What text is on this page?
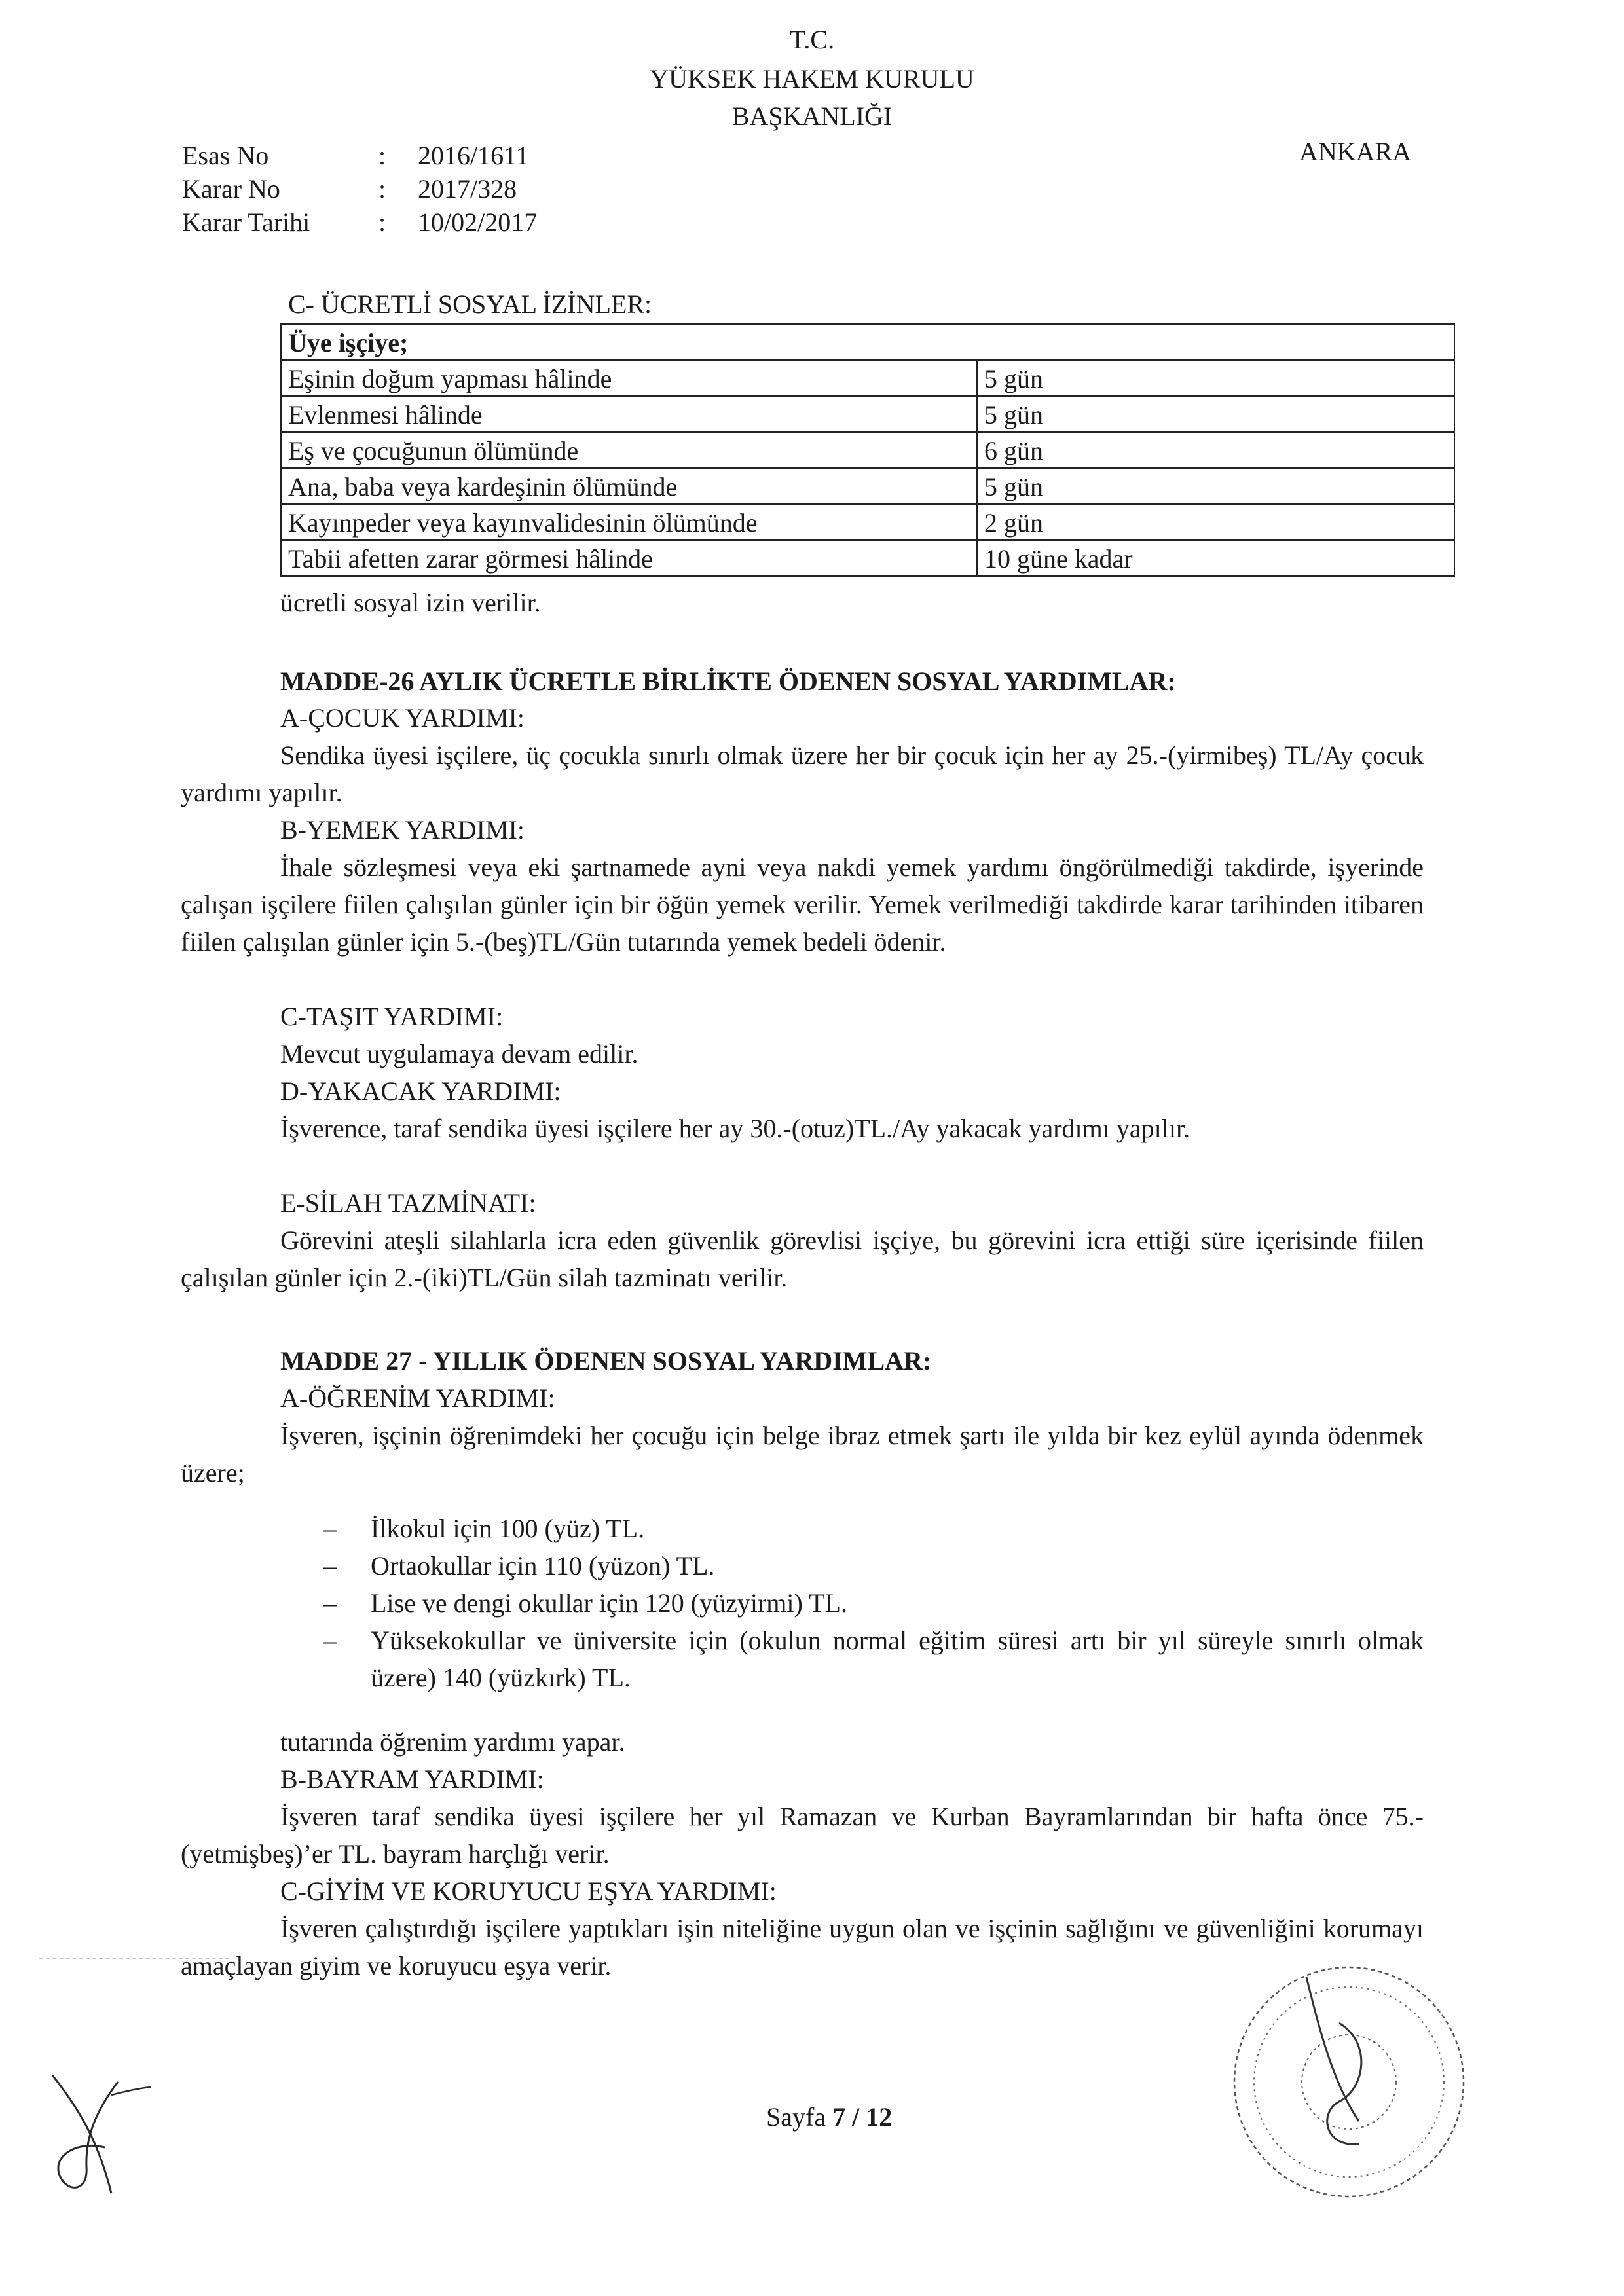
T.C.
YÜKSEK HAKEM KURULU
BAŞKANLIĞI
ANKARA
Esas No	: 2016/1611
Karar No	: 2017/328
Karar Tarihi	: 10/02/2017
C- ÜCRETLİ SOSYAL İZİNLER:
Üye işçiye;	
Eşinin doğum yapması hâlinde	5 gün
Evlenmesi hâlinde	5 gün
Eş ve çocuğunun ölümünde	6 gün
Ana, baba veya kardeşinin ölümünde	5 gün
Kayınpeder veya kayınvalidesinin ölümünde	2 gün
Tabii afetten zarar görmesi hâlinde	10 güne kadar
ücretli sosyal izin verilir.
MADDE-26 AYLIK ÜCRETLE BİRLİKTE ÖDENEN SOSYAL YARDIMLAR:
A-ÇOCUK YARDIMI:
Sendika üyesi işçilere, üç çocukla sınırlı olmak üzere her bir çocuk için her ay 25.-(yirmibeş) TL/Ay çocuk yardımı yapılır.
B-YEMEK YARDIMI:
İhale sözleşmesi veya eki şartnamede ayni veya nakdi yemek yardımı öngörülmediği takdirde, işyerinde çalışan işçilere fiilen çalışılan günler için bir öğün yemek verilir. Yemek verilmediği takdirde karar tarihinden itibaren fiilen çalışılan günler için 5.-(beş)TL/Gün tutarında yemek bedeli ödenir.
C-TAŞIT YARDIMI:
Mevcut uygulamaya devam edilir.
D-YAKACAK YARDIMI:
İşverence, taraf sendika üyesi işçilere her ay 30.-(otuz)TL./Ay yakacak yardımı yapılır.
E-SİLAH TAZMİNATI:
Görevini ateşli silahlarla icra eden güvenlik görevlisi işçiye, bu görevini icra ettiği süre içerisinde fiilen çalışılan günler için 2.-(iki)TL/Gün silah tazminatı verilir.
MADDE 27 - YILLIK ÖDENEN SOSYAL YARDIMLAR:
A-ÖĞRENİM YARDIMI:
İşveren, işçinin öğrenimdeki her çocuğu için belge ibraz etmek şartı ile yılda bir kez eylül ayında ödenmek üzere;
– İlkokul için 100 (yüz) TL.
– Ortaokullar için 110 (yüzon) TL.
– Lise ve dengi okullar için 120 (yüzyirmi) TL.
– Yüksekokullar ve üniversite için (okulun normal eğitim süresi artı bir yıl süreyle sınırlı olmak üzere) 140 (yüzkırk) TL.
tutarında öğrenim yardımı yapar.
B-BAYRAM YARDIMI:
İşveren taraf sendika üyesi işçilere her yıl Ramazan ve Kurban Bayramlarından bir hafta önce 75.-(yetmişbeş)’er TL. bayram harçlığı verir.
C-GİYİM VE KORUYUCU EŞYA YARDIMI:
İşveren çalıştırdığı işçilere yaptıkları işin niteliğine uygun olan ve işçinin sağlığını ve güvenliğini korumayı amaçlayan giyim ve koruyucu eşya verir.
Sayfa 7 / 12
